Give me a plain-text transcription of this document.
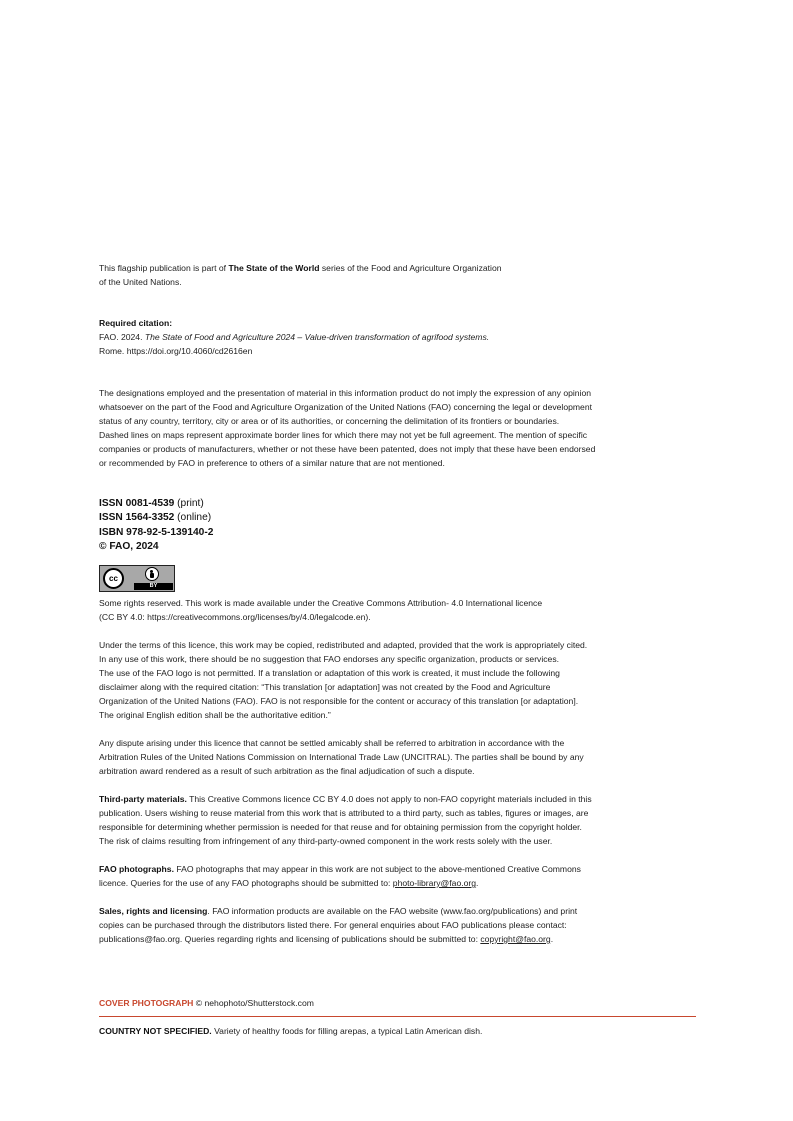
This flagship publication is part of The State of the World series of the Food and Agriculture Organization

of the United Nations.

Required citation:

FAO. 2024. The State of Food and Agriculture 2024 – Value-driven transformation of agrifood systems.

Rome. https://doi.org/10.4060/cd2616en

The designations employed and the presentation of material in this information product do not imply the expression of any opinion

whatsoever on the part of the Food and Agriculture Organization of the United Nations (FAO) concerning the legal or development

status of any country, territory, city or area or of its authorities, or concerning the delimitation of its frontiers or boundaries.

Dashed lines on maps represent approximate border lines for which there may not yet be full agreement. The mention of specific

companies or products of manufacturers, whether or not these have been patented, does not imply that these have been endorsed

or recommended by FAO in preference to others of a similar nature that are not mentioned.

ISSN 0081-4539 (print)

ISSN 1564-3352 (online)

ISBN 978-92-5-139140-2

© FAO, 2024

cc
BY

Some rights reserved. This work is made available under the Creative Commons Attribution- 4.0 International licence

(CC BY 4.0: https://creativecommons.org/licenses/by/4.0/legalcode.en).

Under the terms of this licence, this work may be copied, redistributed and adapted, provided that the work is appropriately cited.

In any use of this work, there should be no suggestion that FAO endorses any specific organization, products or services.

The use of the FAO logo is not permitted. If a translation or adaptation of this work is created, it must include the following

disclaimer along with the required citation: “This translation [or adaptation] was not created by the Food and Agriculture

Organization of the United Nations (FAO). FAO is not responsible for the content or accuracy of this translation [or adaptation].

The original English edition shall be the authoritative edition.”

Any dispute arising under this licence that cannot be settled amicably shall be referred to arbitration in accordance with the

Arbitration Rules of the United Nations Commission on International Trade Law (UNCITRAL). The parties shall be bound by any

arbitration award rendered as a result of such arbitration as the final adjudication of such a dispute.

Third-party materials. This Creative Commons licence CC BY 4.0 does not apply to non-FAO copyright materials included in this

publication. Users wishing to reuse material from this work that is attributed to a third party, such as tables, figures or images, are

responsible for determining whether permission is needed for that reuse and for obtaining permission from the copyright holder.

The risk of claims resulting from infringement of any third-party-owned component in the work rests solely with the user.

FAO photographs. FAO photographs that may appear in this work are not subject to the above-mentioned Creative Commons

licence. Queries for the use of any FAO photographs should be submitted to: photo-library@fao.org.

Sales, rights and licensing. FAO information products are available on the FAO website (www.fao.org/publications) and print

copies can be purchased through the distributors listed there. For general enquiries about FAO publications please contact:

publications@fao.org. Queries regarding rights and licensing of publications should be submitted to: copyright@fao.org.

COVER PHOTOGRAPH © nehophoto/Shutterstock.com

COUNTRY NOT SPECIFIED. Variety of healthy foods for filling arepas, a typical Latin American dish.
